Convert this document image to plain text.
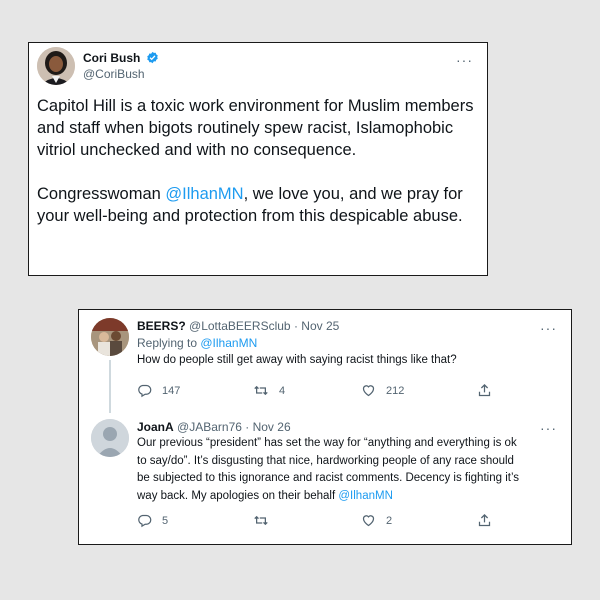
Cori Bush
@CoriBush
···

Capitol Hill is a toxic work environment for Muslim members and staff when bigots routinely spew racist, Islamophobic vitriol unchecked and with no consequence.

Congresswoman @IlhanMN, we love you, and we pray for your well-being and protection from this despicable abuse.

BEERS? @LottaBEERSclub · Nov 25	···
Replying to @IlhanMN
How do people still get away with saying racist things like that?
147	4	212
JoanA @JABarn76 · Nov 26	···
Our previous “president” has set the way for “anything and everything is ok
to say/do”. It’s disgusting that nice, hardworking people of any race should
be subjected to this ignorance and racist comments. Decency is fighting it’s
way back. My apologies on their behalf @IlhanMN
5	2
